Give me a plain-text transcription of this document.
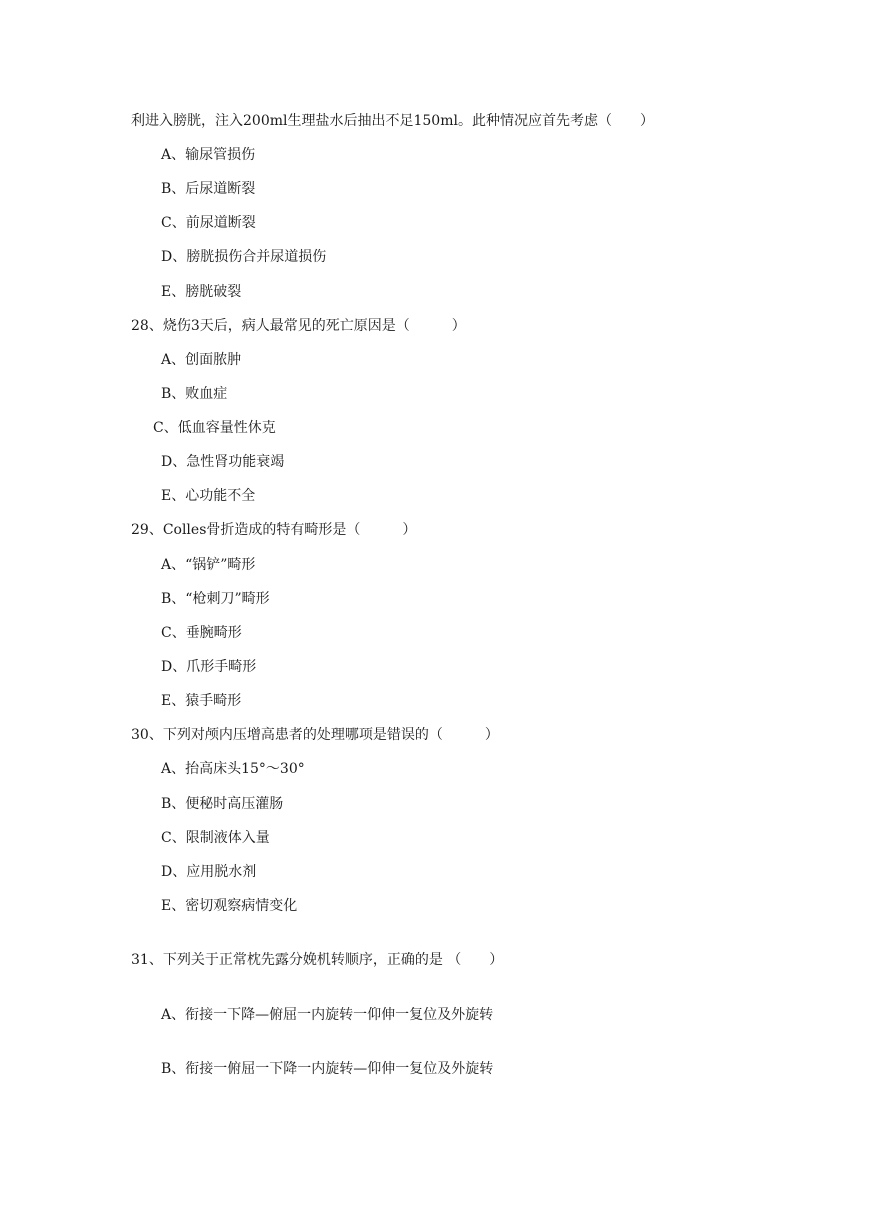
利进入膀胱，注入200ml生理盐水后抽出不足150ml。此种情况应首先考虑（　　）
A、输尿管损伤
B、后尿道断裂
C、前尿道断裂
D、膀胱损伤合并尿道损伤
E、膀胱破裂
28、烧伤3天后，病人最常见的死亡原因是（　　　）
A、创面脓肿
B、败血症
C、低血容量性休克
D、急性肾功能衰竭
E、心功能不全
29、Colles骨折造成的特有畸形是（　　　）
A、“锅铲”畸形
B、“枪刺刀”畸形
C、垂腕畸形
D、爪形手畸形
E、猿手畸形
30、下列对颅内压增高患者的处理哪项是错误的（　　　）
A、抬高床头15°～30°
B、便秘时高压灌肠
C、限制液体入量
D、应用脱水剂
E、密切观察病情变化
31、下列关于正常枕先露分娩机转顺序，正确的是 （　　）
A、衔接一下降—俯屈一内旋转一仰伸一复位及外旋转
B、衔接一俯屈一下降一内旋转—仰伸一复位及外旋转
